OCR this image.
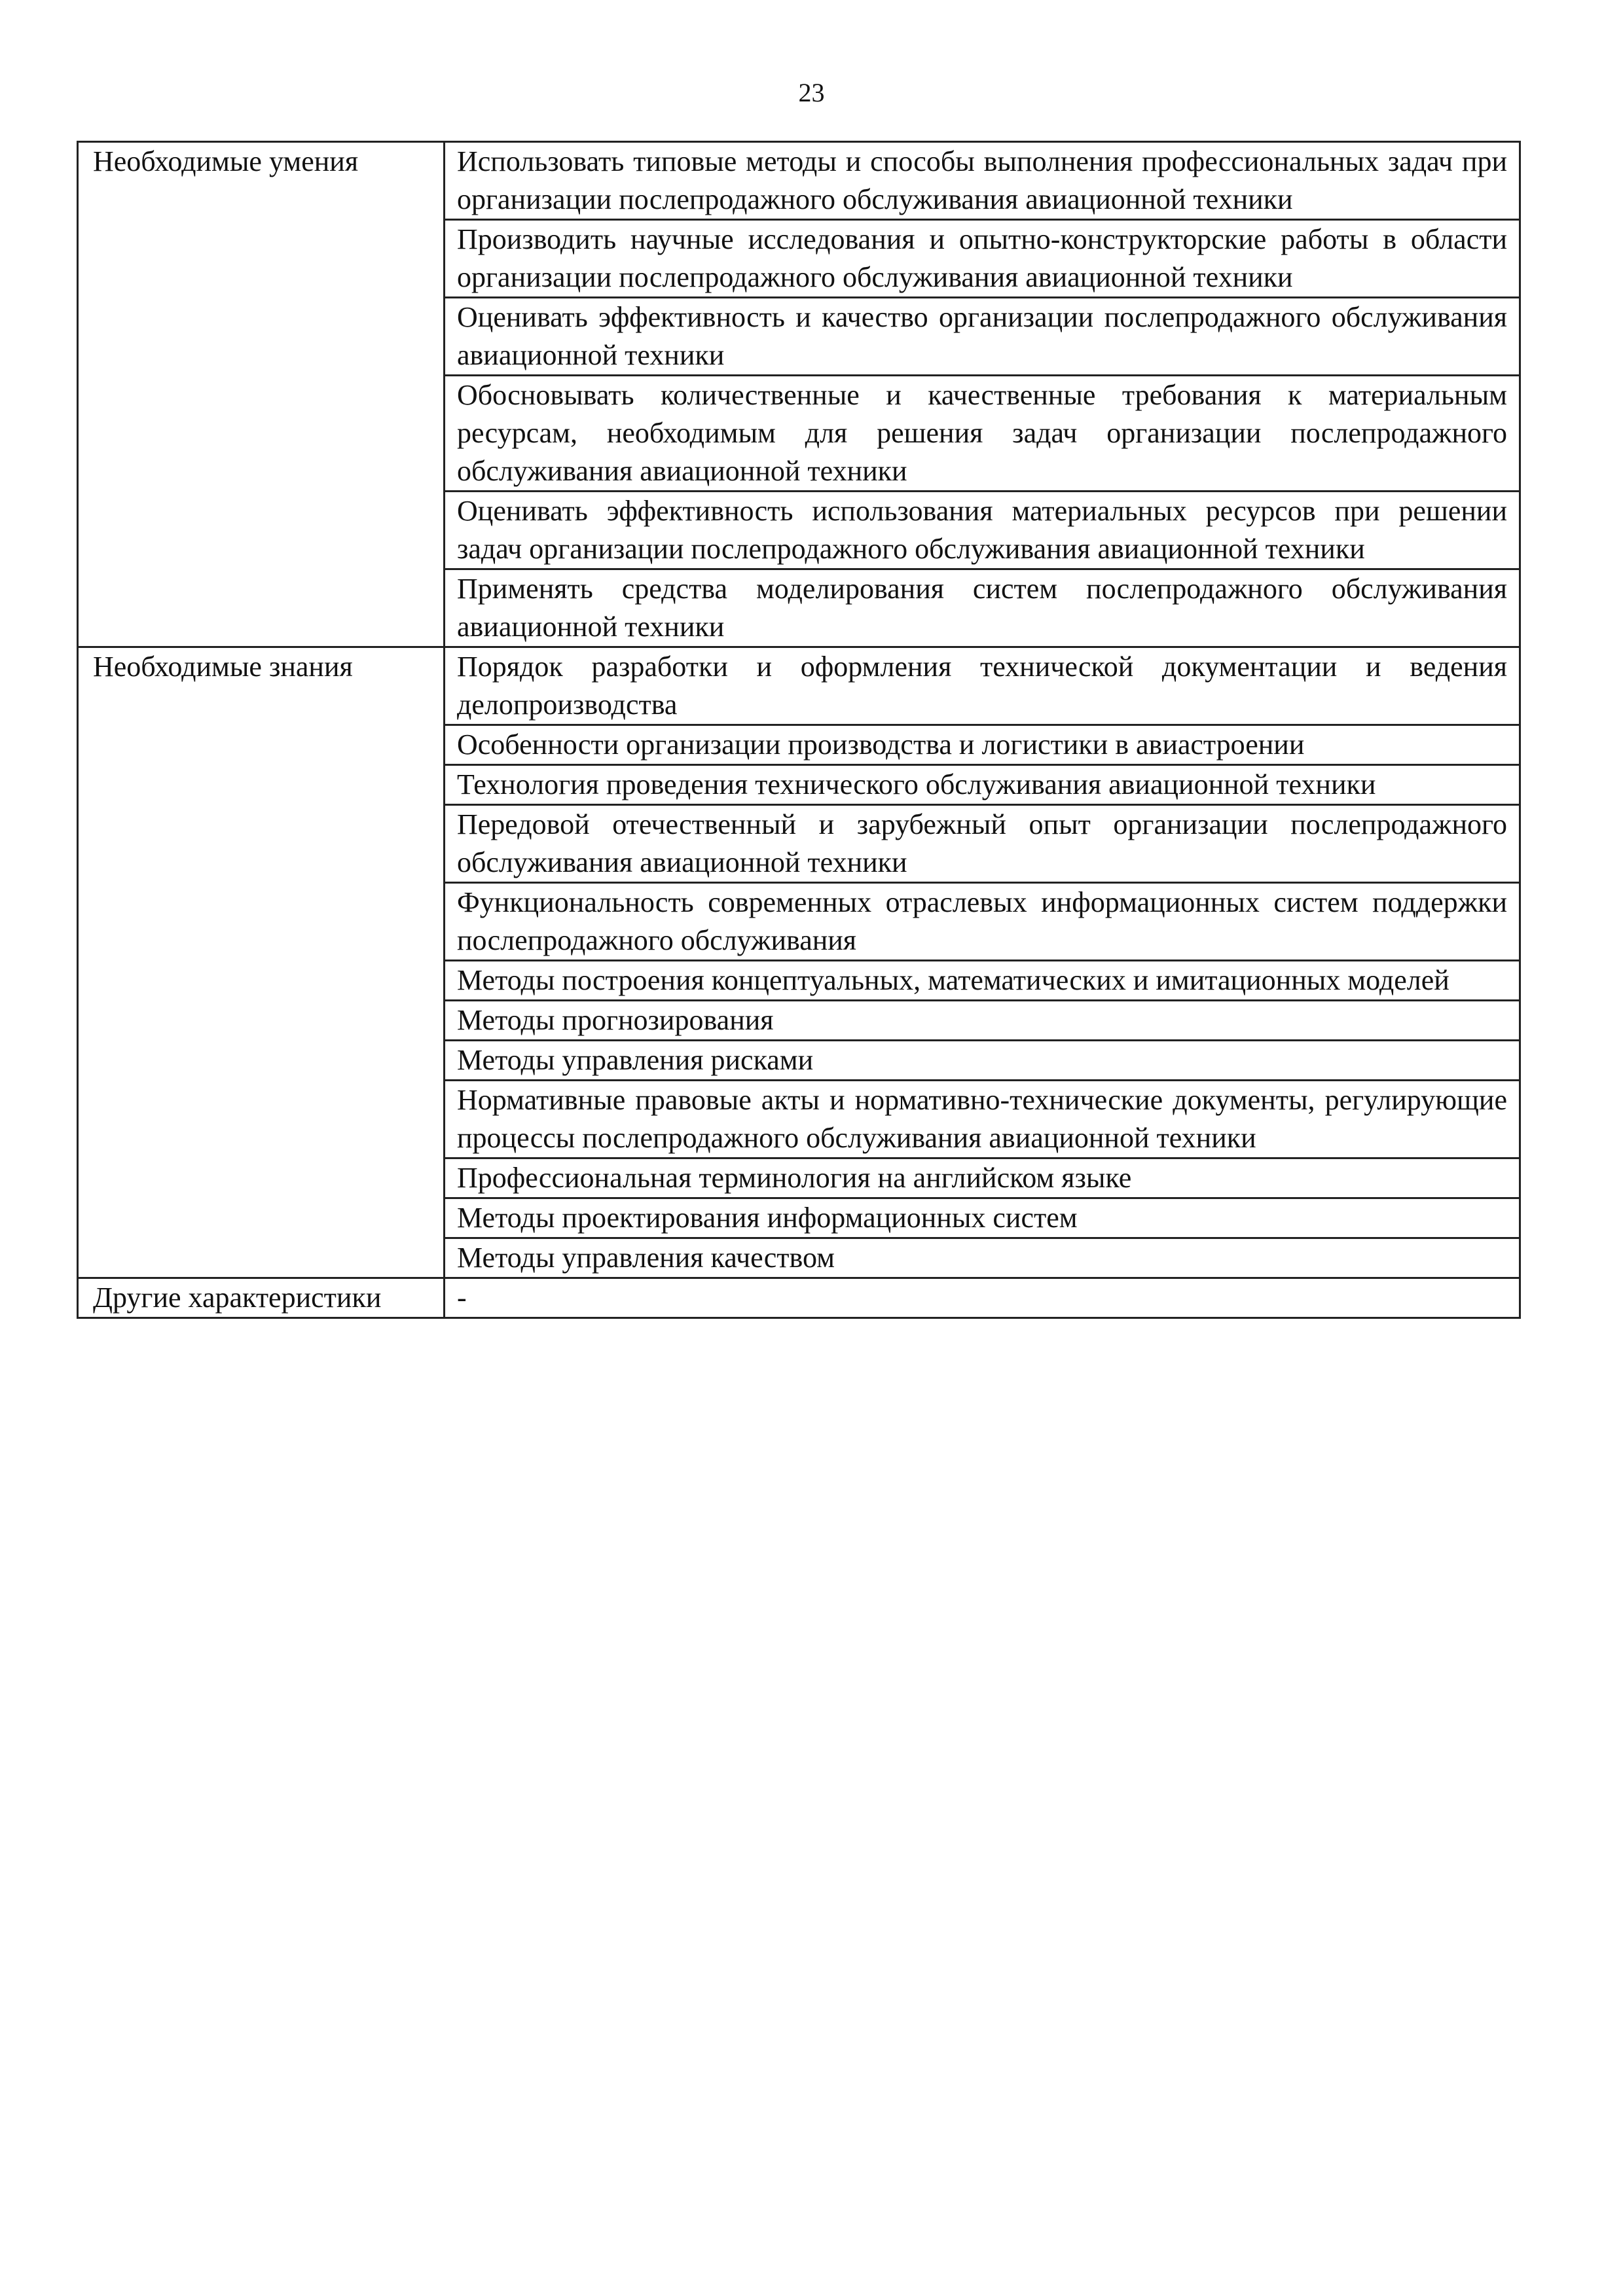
23
Необходимые умения	Использовать типовые методы и способы выполнения профессиональных задач при организации послепродажного обслуживания авиационной техники
	Производить научные исследования и опытно-конструкторские работы в области организации послепродажного обслуживания авиационной техники
	Оценивать эффективность и качество организации послепродажного обслуживания авиационной техники
	Обосновывать количественные и качественные требования к материальным ресурсам, необходимым для решения задач организации послепродажного обслуживания авиационной техники
	Оценивать эффективность использования материальных ресурсов при решении задач организации послепродажного обслуживания авиационной техники
	Применять средства моделирования систем послепродажного обслуживания авиационной техники
Необходимые знания	Порядок разработки и оформления технической документации и ведения делопроизводства
	Особенности организации производства и логистики в авиастроении
	Технология проведения технического обслуживания авиационной техники
	Передовой отечественный и зарубежный опыт организации послепродажного обслуживания авиационной техники
	Функциональность современных отраслевых информационных систем поддержки послепродажного обслуживания
	Методы построения концептуальных, математических и имитационных моделей
	Методы прогнозирования
	Методы управления рисками
	Нормативные правовые акты и нормативно-технические документы, регулирующие процессы послепродажного обслуживания авиационной техники
	Профессиональная терминология на английском языке
	Методы проектирования информационных систем
	Методы управления качеством
Другие характеристики	-
